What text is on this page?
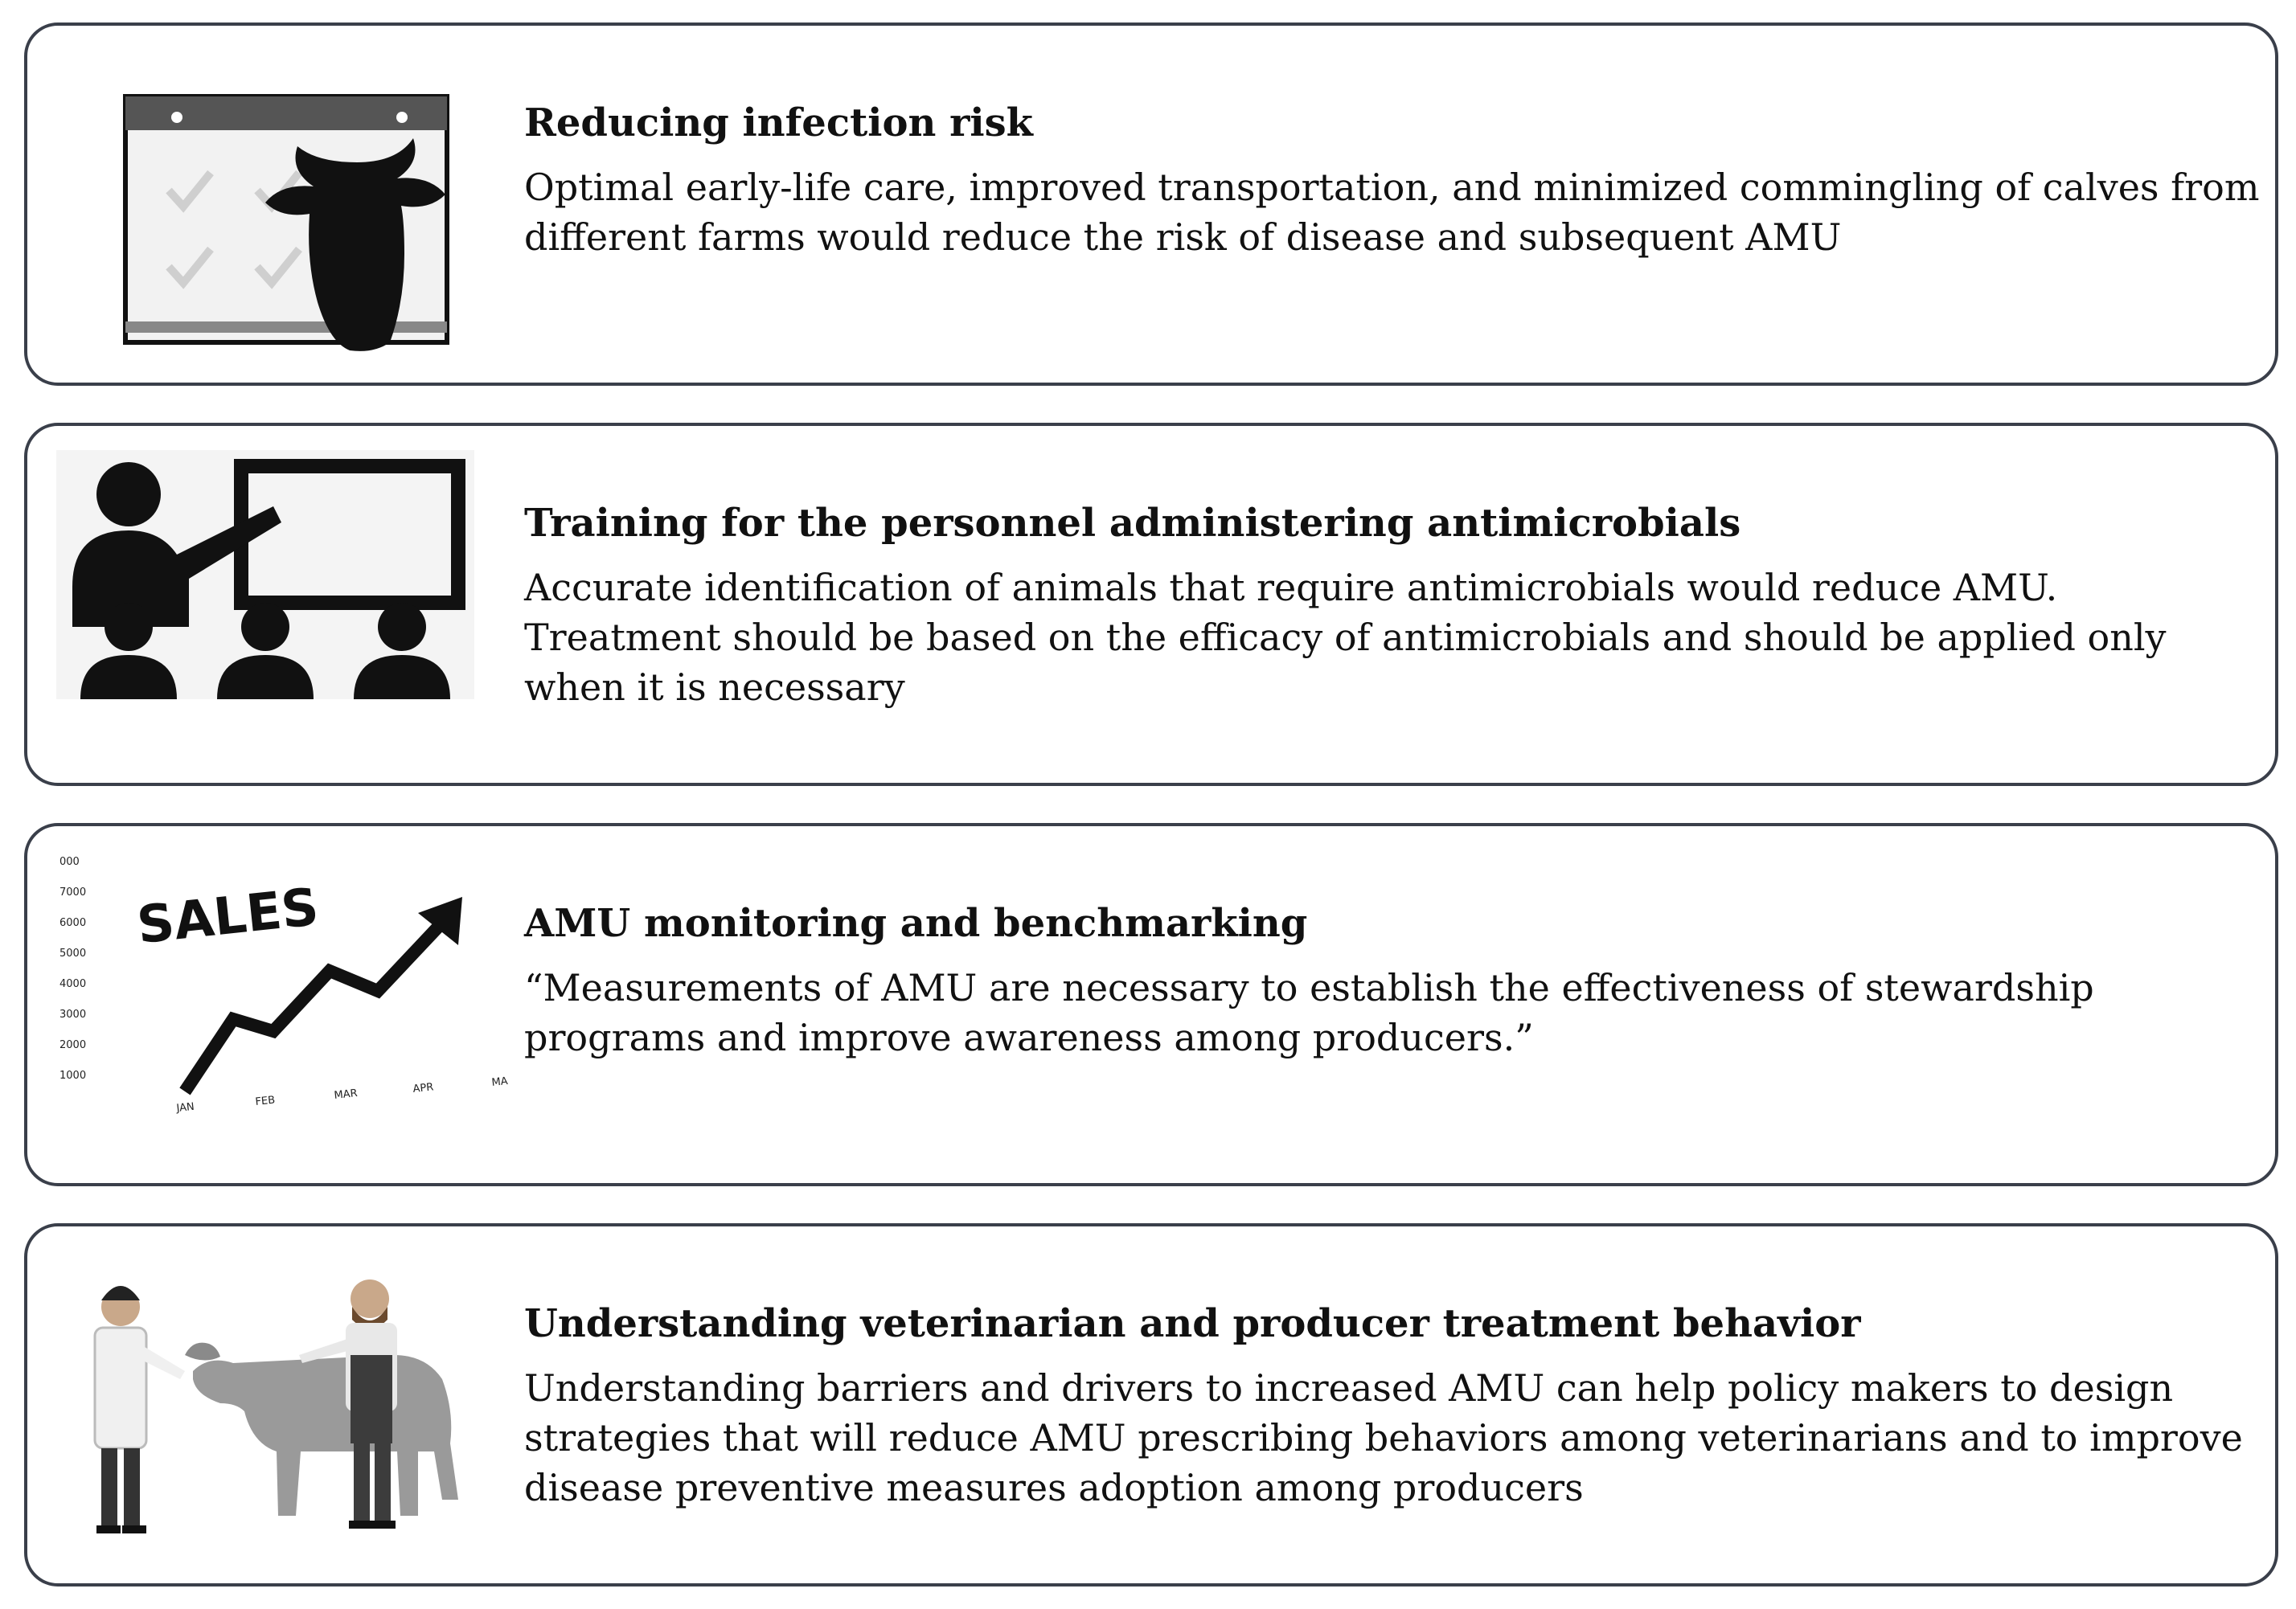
Reducing infection risk

Optimal early-life care, improved transportation, and minimized commingling of calves from different farms would reduce the risk of disease and subsequent AMU

Training for the personnel administering antimicrobials

Accurate identification of animals that require antimicrobials would reduce AMU. Treatment should be based on the efficacy of antimicrobials and should be applied only when it is necessary

000
7000
6000
5000
4000
3000
2000
1000
JAN	FEB	MAR	APR	MA
SALES	AMU monitoring and benchmarking

“Measurements of AMU are necessary to establish the effectiveness of stewardship programs and improve awareness among producers.”

Understanding veterinarian and producer treatment behavior

Understanding barriers and drivers to increased AMU can help policy makers to design strategies that will reduce AMU prescribing behaviors among veterinarians and to improve disease preventive measures adoption among producers
